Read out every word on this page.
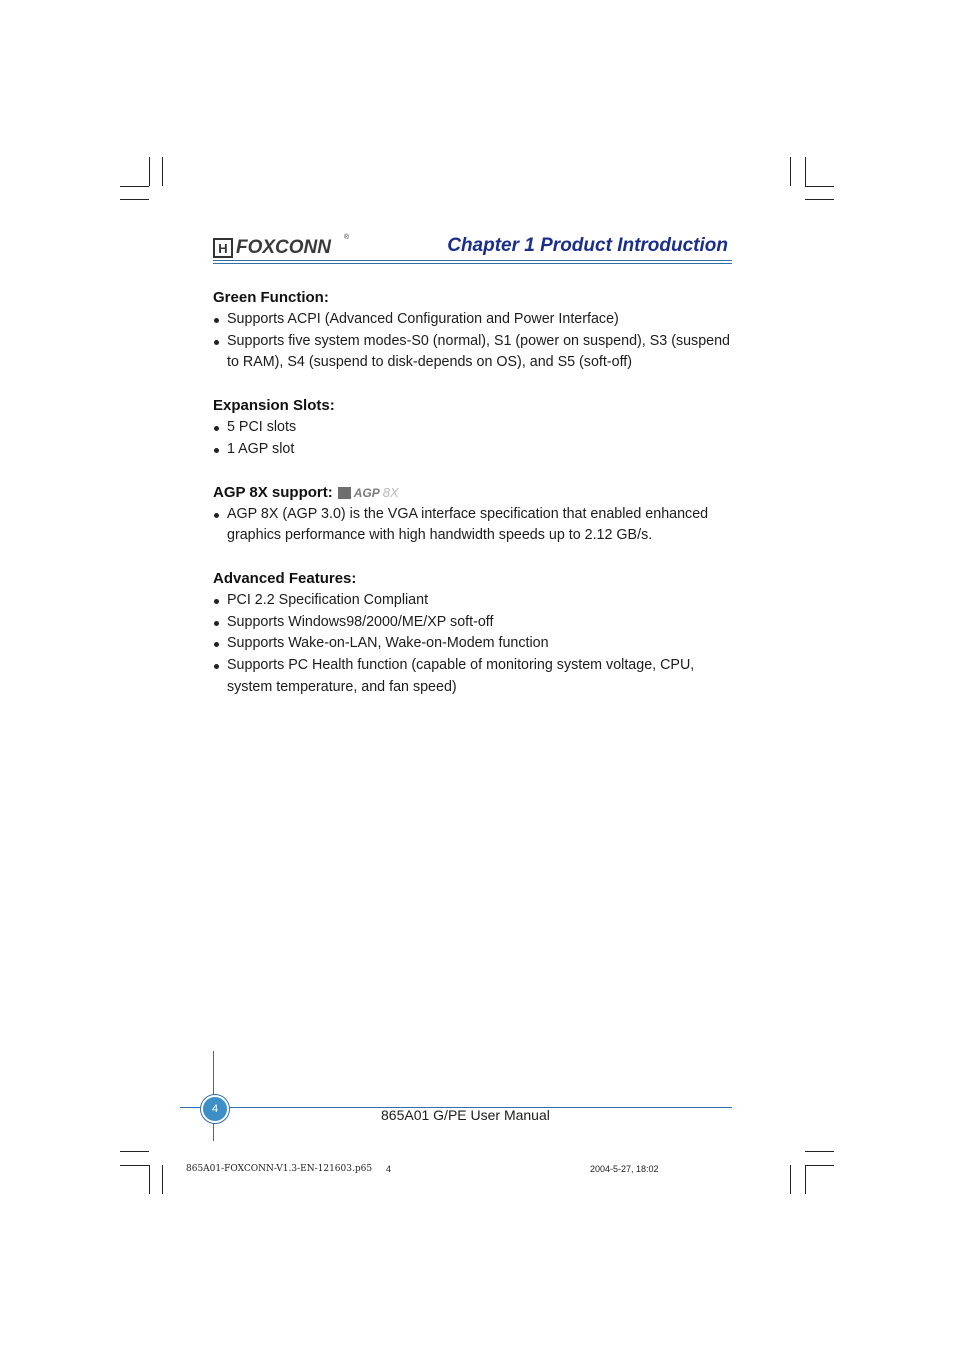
H FOXCONN ®	Chapter 1 Product Introduction
Green Function:
Supports ACPI (Advanced Configuration and Power Interface)
Supports five system modes-S0 (normal), S1 (power on suspend), S3 (suspend to RAM), S4 (suspend to disk-depends on OS), and S5 (soft-off)
Expansion Slots:
5 PCI slots
1 AGP slot
AGP 8X support: AGP 8X
AGP 8X (AGP 3.0) is the VGA interface specification that enabled enhanced graphics performance with high handwidth speeds up to 2.12 GB/s.
Advanced Features:
PCI 2.2 Specification Compliant
Supports Windows98/2000/ME/XP soft-off
Supports Wake-on-LAN, Wake-on-Modem function
Supports PC Health function (capable of monitoring system voltage, CPU, system temperature, and fan speed)
4	865A01 G/PE User Manual
865A01-FOXCONN-V1.3-EN-121603.p65 4	2004-5-27, 18:02
